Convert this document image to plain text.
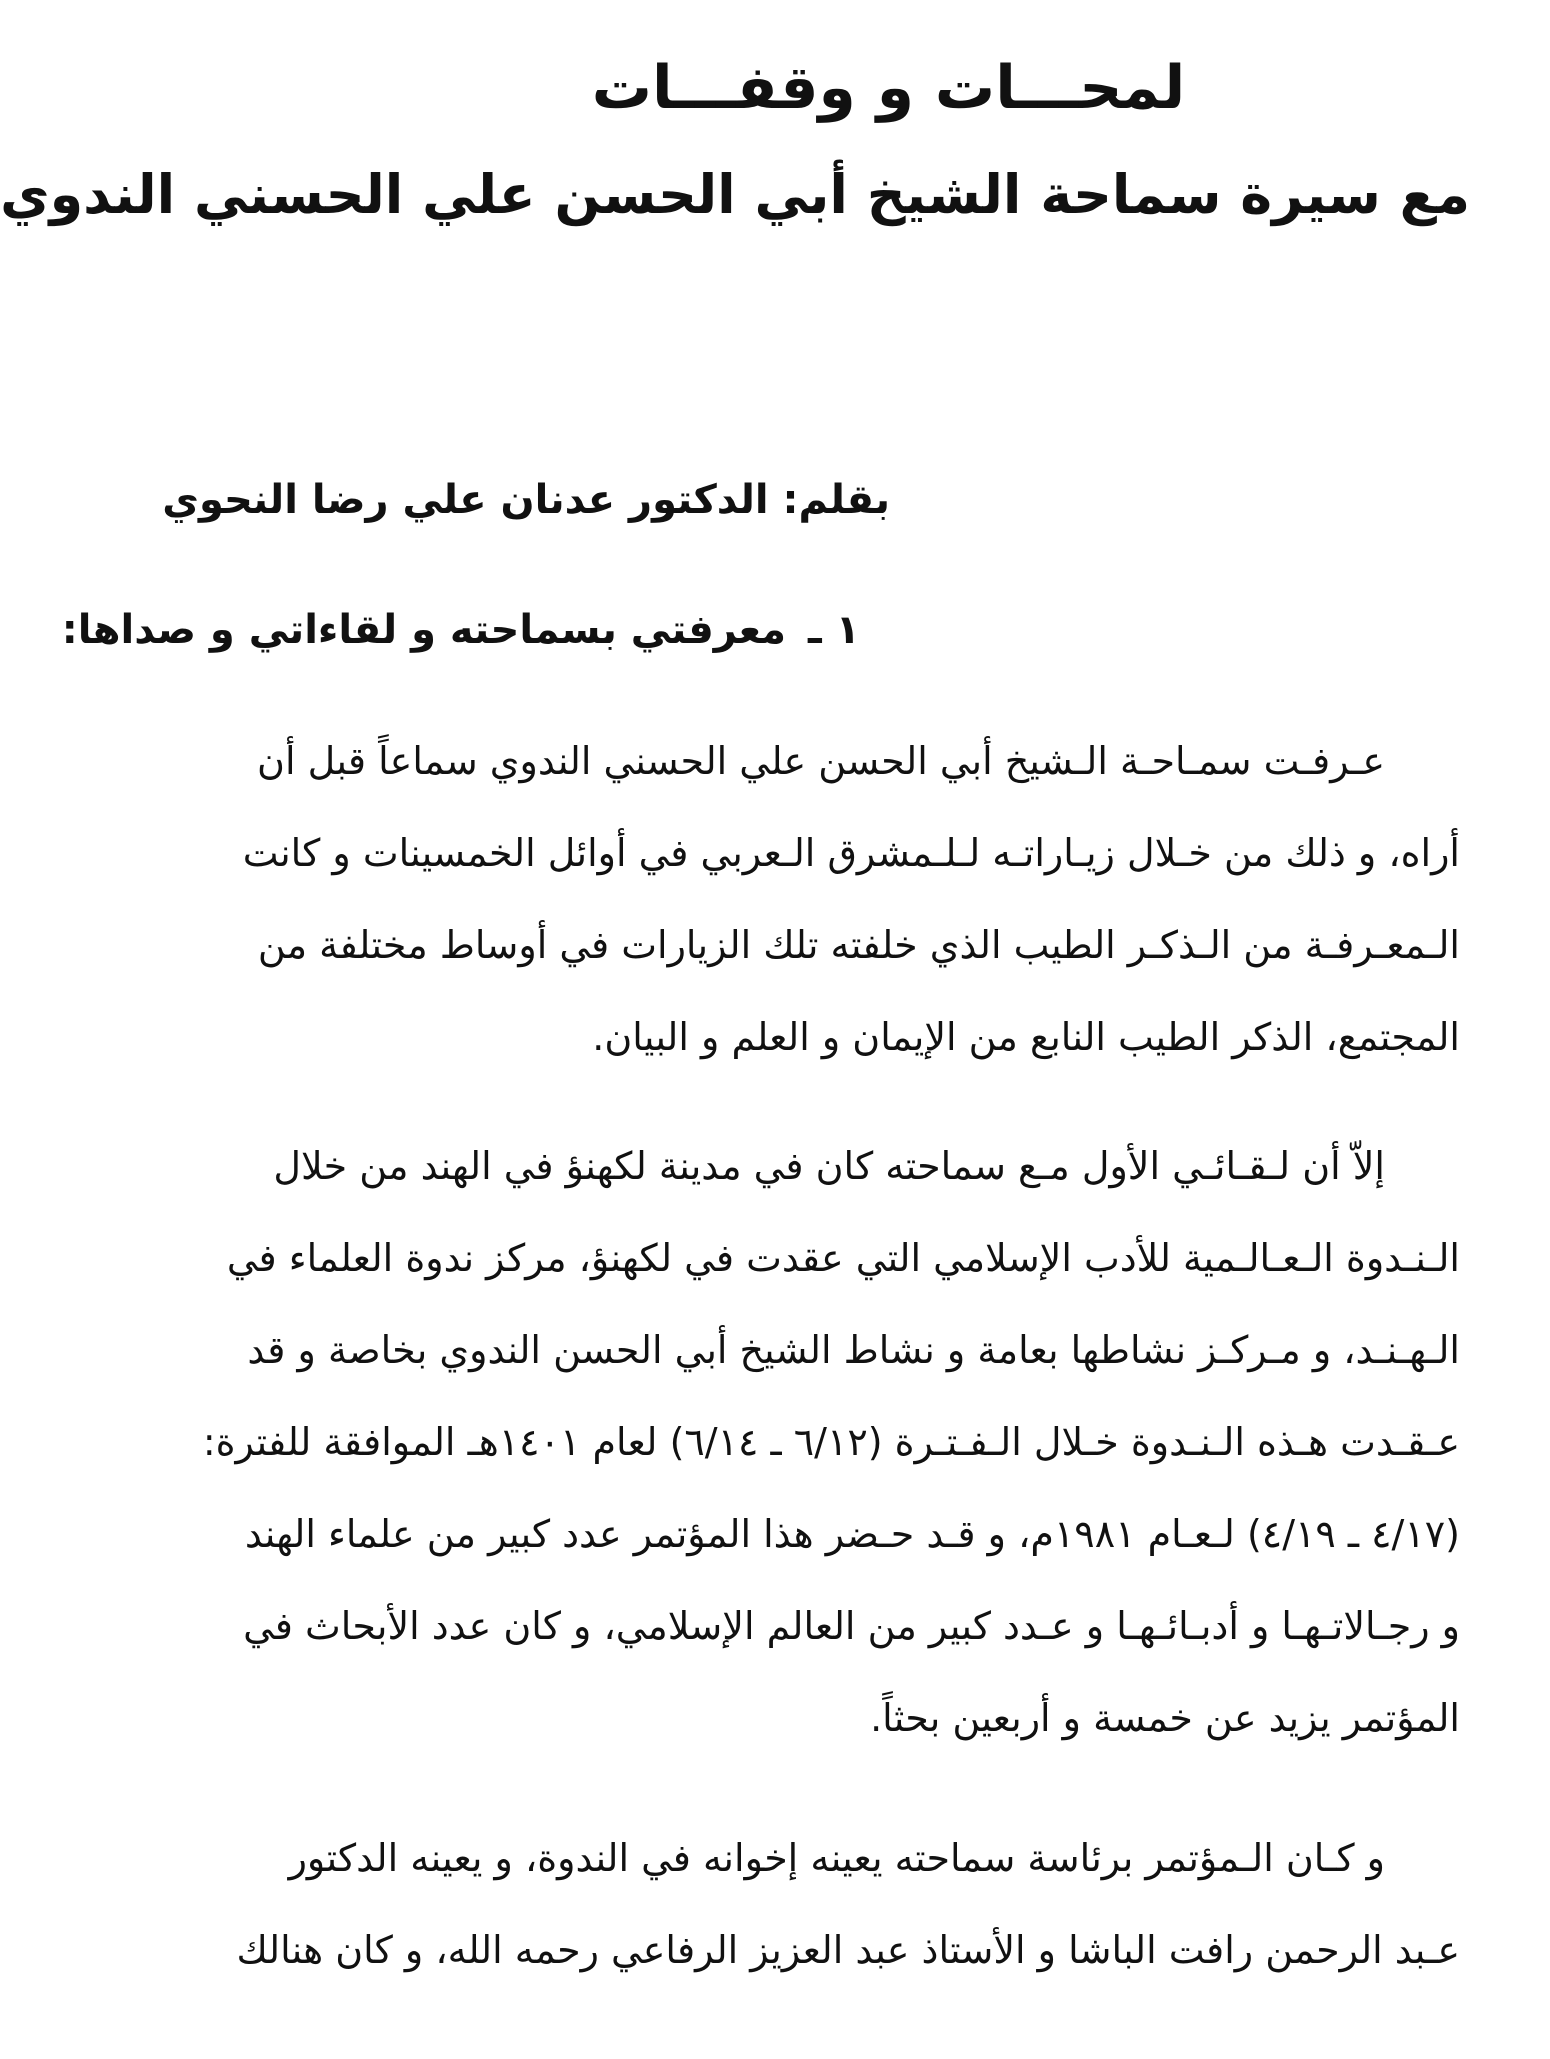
لمحـــات و وقفـــات
مع سيرة سماحة الشيخ أبي الحسن علي الحسني الندوي
بقلم: الدكتور عدنان علي رضا النحوي
١ ـ معرفتي بسماحته و لقاءاتي و صداها:
عـرفـت سمـاحـة الـشيخ أبي الحسن علي الحسني الندوي سماعاً قبل أن
أراه، و ذلك من خـلال زيـاراتـه لـلـمشرق الـعربي في أوائل الخمسينات و كانت
الـمعـرفـة من الـذكـر الطيب الذي خلفته تلك الزيارات في أوساط مختلفة من
المجتمع، الذكر الطيب النابع من الإيمان و العلم و البيان.
إلاّ أن لـقـائـي الأول مـع سماحته كان في مدينة لكهنؤ في الهند من خلال
الـنـدوة الـعـالـمية للأدب الإسلامي التي عقدت في لكهنؤ، مركز ندوة العلماء في
الـهـنـد، و مـركـز نشاطها بعامة و نشاط الشيخ أبي الحسن الندوي بخاصة و قد
عـقـدت هـذه الـنـدوة خـلال الـفـتـرة (٦/١٢ ـ ٦/١٤) لعام ١٤٠١هـ الموافقة للفترة:
(٤/١٧ ـ ٤/١٩) لـعـام ١٩٨١م، و قـد حـضر هذا المؤتمر عدد كبير من علماء الهند
و رجـالاتـهـا و أدبـائـهـا و عـدد كبير من العالم الإسلامي، و كان عدد الأبحاث في
المؤتمر يزيد عن خمسة و أربعين بحثاً.
و كـان الـمؤتمر برئاسة سماحته يعينه إخوانه في الندوة، و يعينه الدكتور
عـبد الرحمن رافت الباشا و الأستاذ عبد العزيز الرفاعي رحمه الله، و كان هنالك
